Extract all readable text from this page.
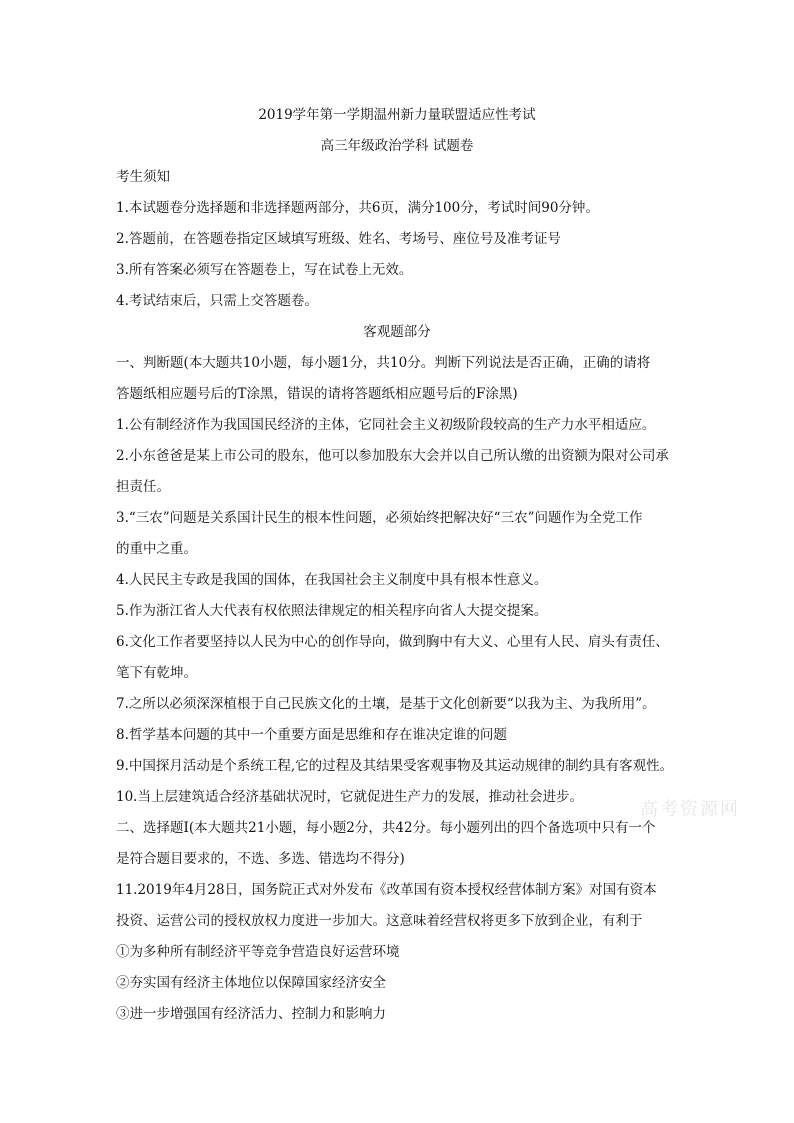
2019学年第一学期温州新力量联盟适应性考试
高三年级政治学科 试题卷
考生须知
1.本试题卷分选择题和非选择题两部分，共6页，满分100分，考试时间90分钟。
2.答题前，在答题卷指定区域填写班级、姓名、考场号、座位号及准考证号
3.所有答案必须写在答题卷上，写在试卷上无效。
4.考试结束后，只需上交答题卷。
客观题部分
一、判断题(本大题共10小题，每小题1分，共10分。判断下列说法是否正确，正确的请将
答题纸相应题号后的T涂黑，错误的请将答题纸相应题号后的F涂黑)
1.公有制经济作为我国国民经济的主体，它同社会主义初级阶段较高的生产力水平相适应。
2.小东爸爸是某上市公司的股东，他可以参加股东大会并以自己所认缴的出资额为限对公司承
担责任。
3.“三农”问题是关系国计民生的根本性问题，必须始终把解决好“三农”问题作为全党工作
的重中之重。
4.人民民主专政是我国的国体，在我国社会主义制度中具有根本性意义。
5.作为浙江省人大代表有权依照法律规定的相关程序向省人大提交提案。
6.文化工作者要坚持以人民为中心的创作导向，做到胸中有大义、心里有人民、肩头有责任、
笔下有乾坤。
7.之所以必须深深植根于自己民族文化的土壤，是基于文化创新要“以我为主、为我所用”。
8.哲学基本问题的其中一个重要方面是思维和存在谁决定谁的问题
9.中国探月活动是个系统工程,它的过程及其结果受客观事物及其运动规律的制约具有客观性。
10.当上层建筑适合经济基础状况时，它就促进生产力的发展，推动社会进步。
二、选择题I(本大题共21小题，每小题2分，共42分。每小题列出的四个备选项中只有一个
是符合题目要求的，不选、多选、错选均不得分)
11.2019年4月28日，国务院正式对外发布《改革国有资本授权经营体制方案》对国有资本
投资、运营公司的授权放权力度进一步加大。这意味着经营权将更多下放到企业，有利于
①为多种所有制经济平等竞争营造良好运营环境
②夯实国有经济主体地位以保障国家经济安全
③进一步增强国有经济活力、控制力和影响力
高考资源网
